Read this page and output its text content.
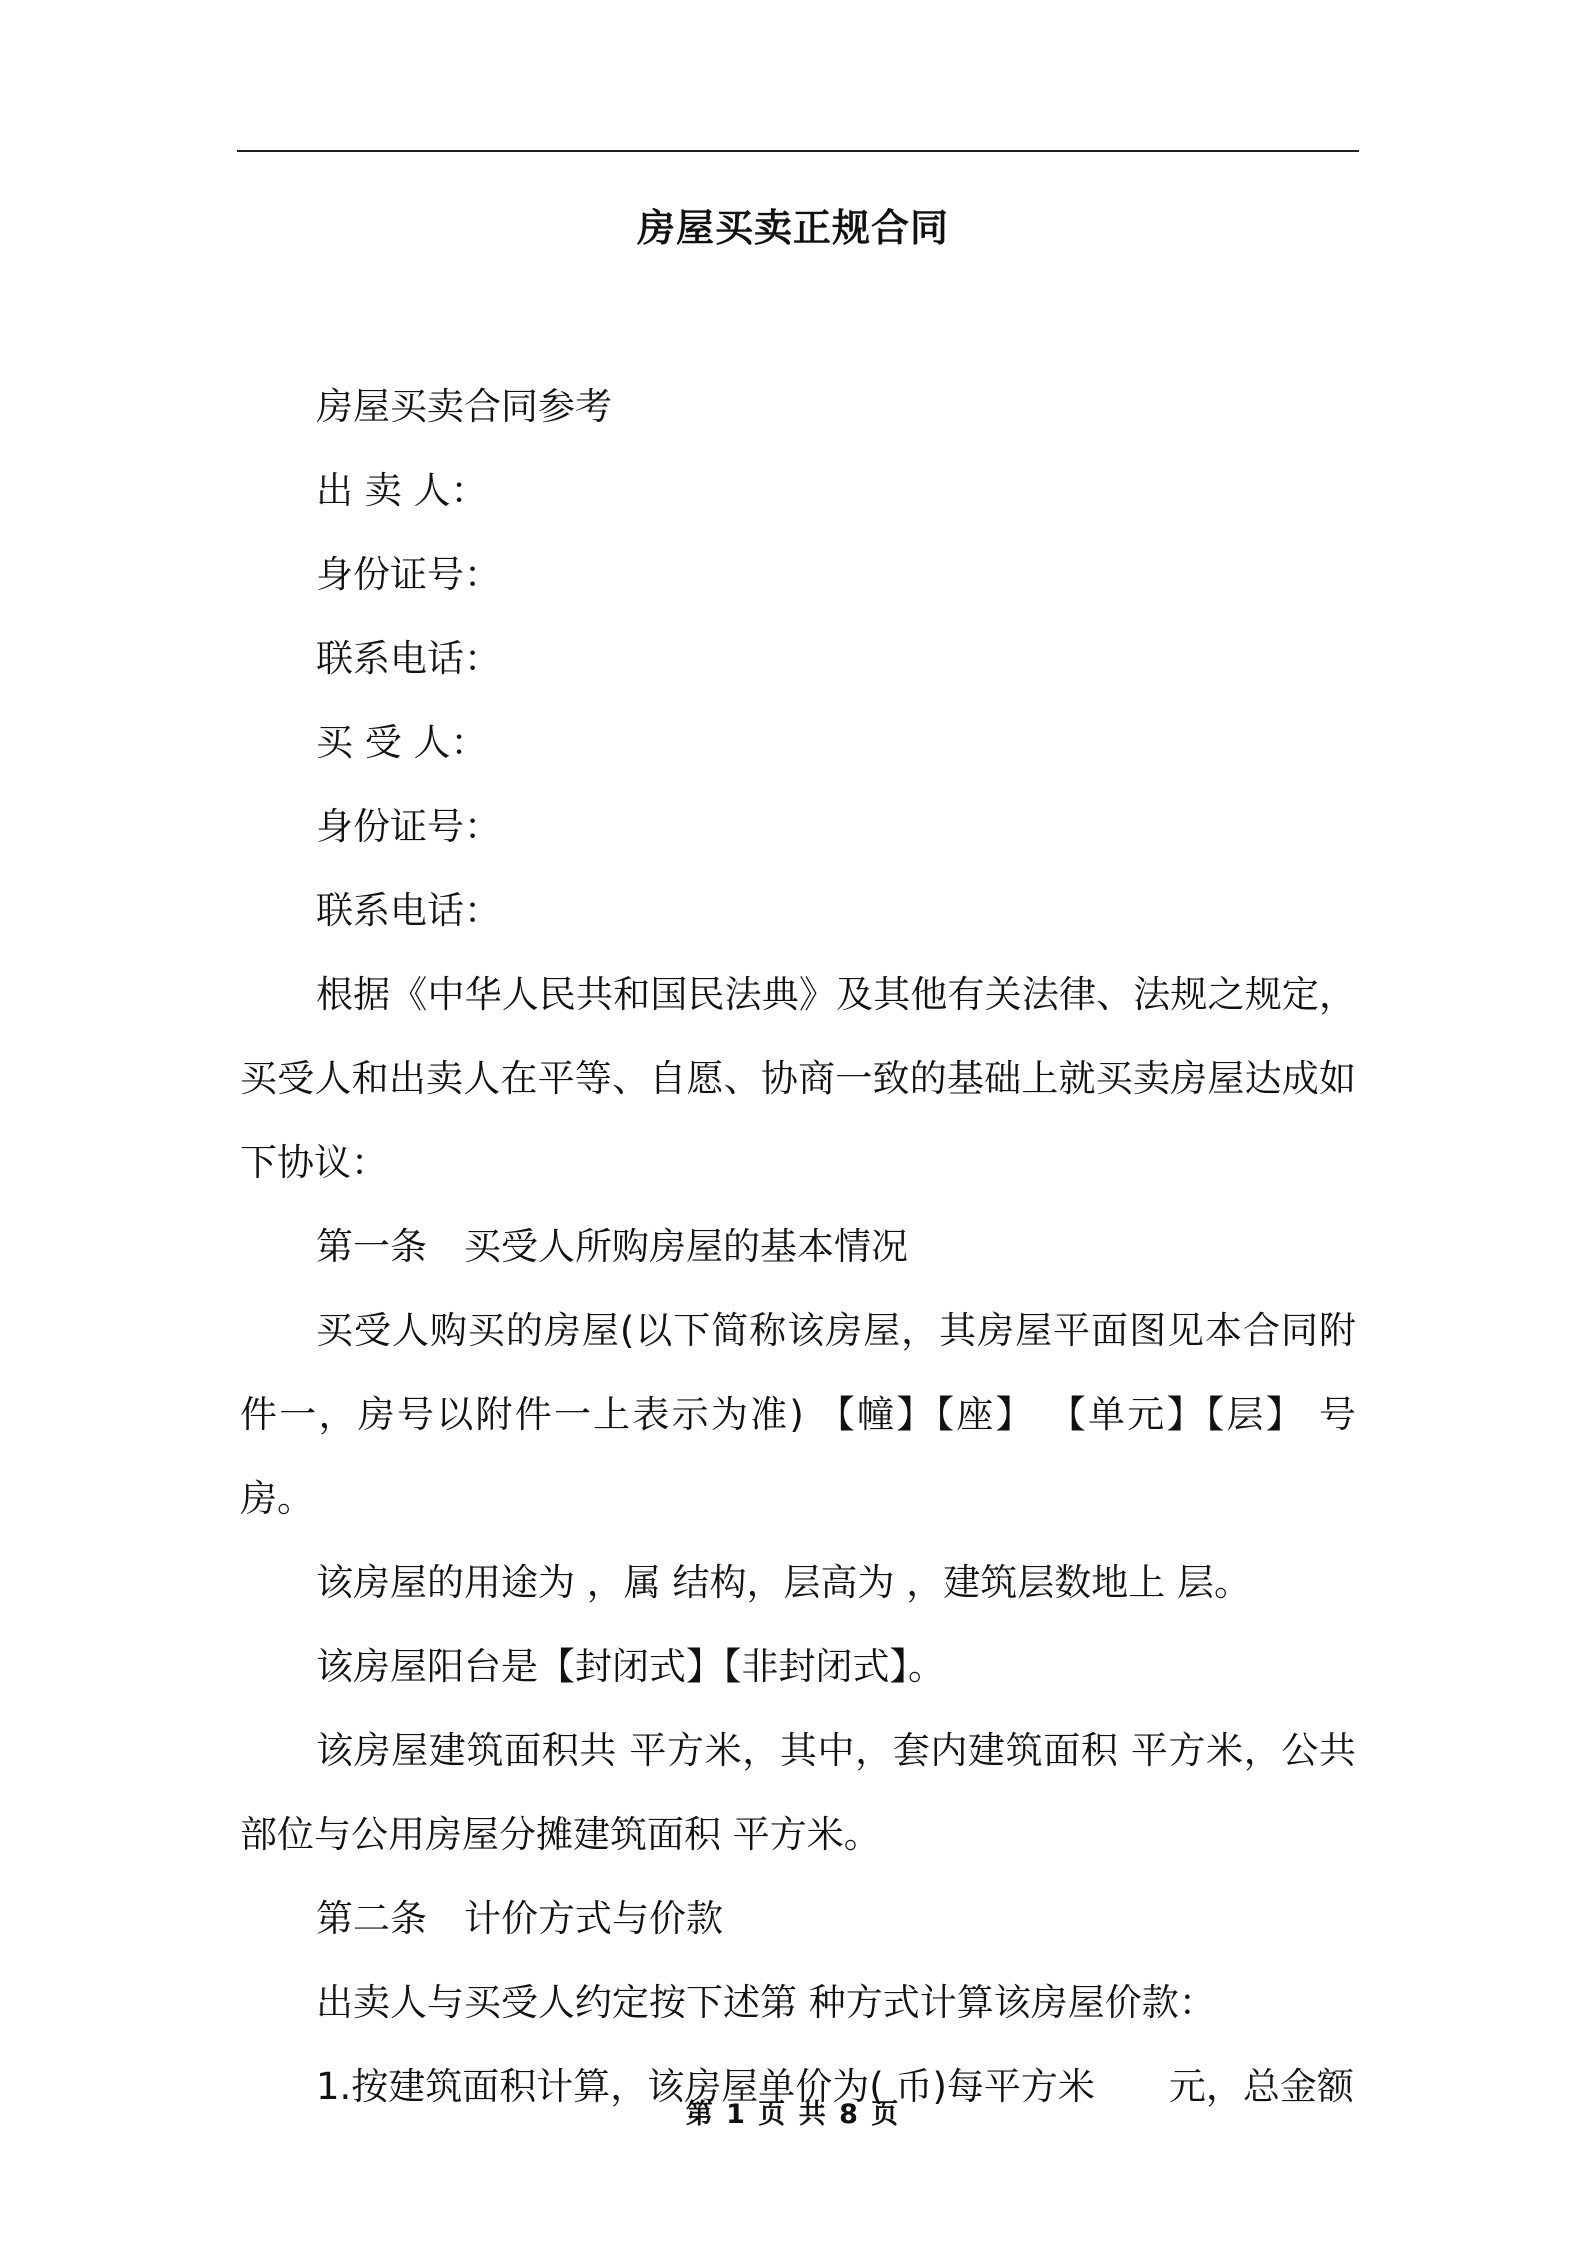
房屋买卖正规合同

房屋买卖合同参考

出 卖 人：

身份证号：

联系电话：

买 受 人：

身份证号：

联系电话：

根据《中华人民共和国民法典》及其他有关法律、法规之规定，买受人和出卖人在平等、自愿、协商一致的基础上就买卖房屋达成如下协议：

第一条　买受人所购房屋的基本情况

买受人购买的房屋(以下简称该房屋，其房屋平面图见本合同附件一，房号以附件一上表示为准) 【幢】【座】 【单元】【层】 号房。

该房屋的用途为 ，属 结构，层高为 ，建筑层数地上 层。

该房屋阳台是【封闭式】【非封闭式】。

该房屋建筑面积共 平方米，其中，套内建筑面积 平方米，公共部位与公用房屋分摊建筑面积 平方米。

第二条　计价方式与价款

出卖人与买受人约定按下述第 种方式计算该房屋价款：

1.按建筑面积计算，该房屋单价为( 币)每平方米　　元，总金额

第 1 页 共 8 页
